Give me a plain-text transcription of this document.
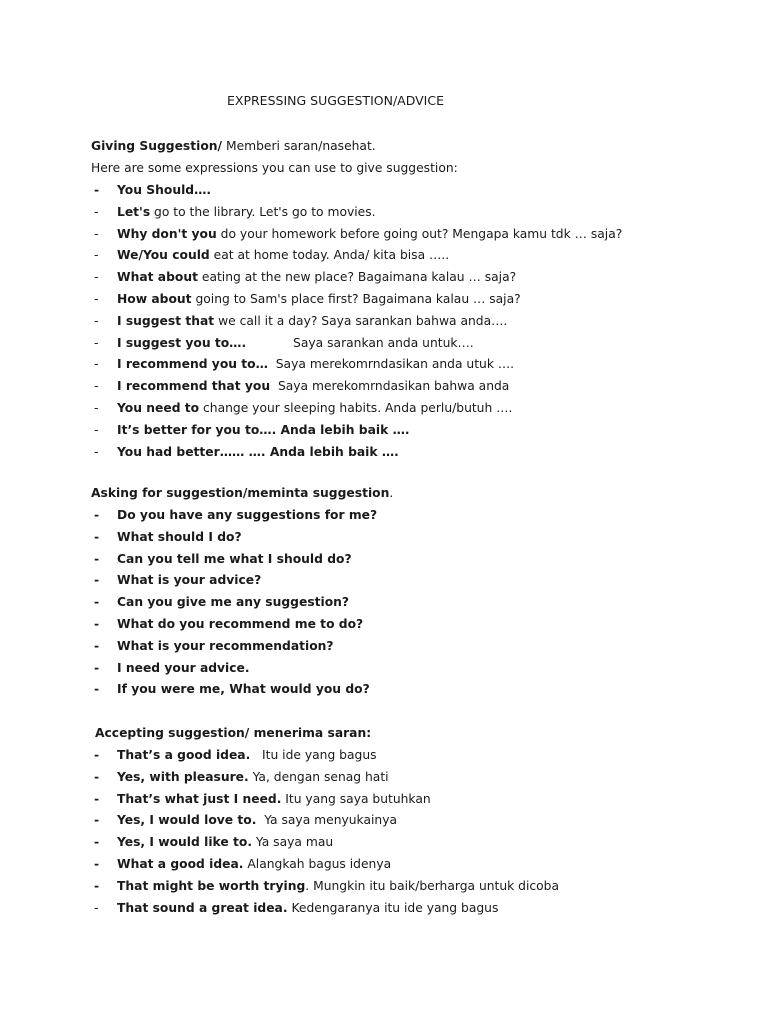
EXPRESSING SUGGESTION/ADVICE
Giving Suggestion/ Memberi saran/nasehat.
Here are some expressions you can use to give suggestion:
- You Should….
- Let's go to the library. Let's go to movies.
- Why don't you do your homework before going out? Mengapa kamu tdk … saja?
- We/You could eat at home today. Anda/ kita bisa …..
- What about eating at the new place? Bagaimana kalau … saja?
- How about going to Sam's place first? Bagaimana kalau … saja?
- I suggest that we call it a day? Saya sarankan bahwa anda….
- I suggest you to….            Saya sarankan anda untuk….
- I recommend you to…  Saya merekomrndasikan anda utuk ….
- I recommend that you  Saya merekomrndasikan bahwa anda
- You need to change your sleeping habits. Anda perlu/butuh ….
- It’s better for you to…. Anda lebih baik ….
- You had better…… …. Anda lebih baik ….
Asking for suggestion/meminta suggestion.
- Do you have any suggestions for me?
- What should I do?
- Can you tell me what I should do?
- What is your advice?
- Can you give me any suggestion?
- What do you recommend me to do?
- What is your recommendation?
- I need your advice.
- If you were me, What would you do?
Accepting suggestion/ menerima saran:
- That’s a good idea.   Itu ide yang bagus
- Yes, with pleasure. Ya, dengan senag hati
- That’s what just I need. Itu yang saya butuhkan
- Yes, I would love to.  Ya saya menyukainya
- Yes, I would like to. Ya saya mau
- What a good idea. Alangkah bagus idenya
- That might be worth trying. Mungkin itu baik/berharga untuk dicoba
- That sound a great idea. Kedengaranya itu ide yang bagus
